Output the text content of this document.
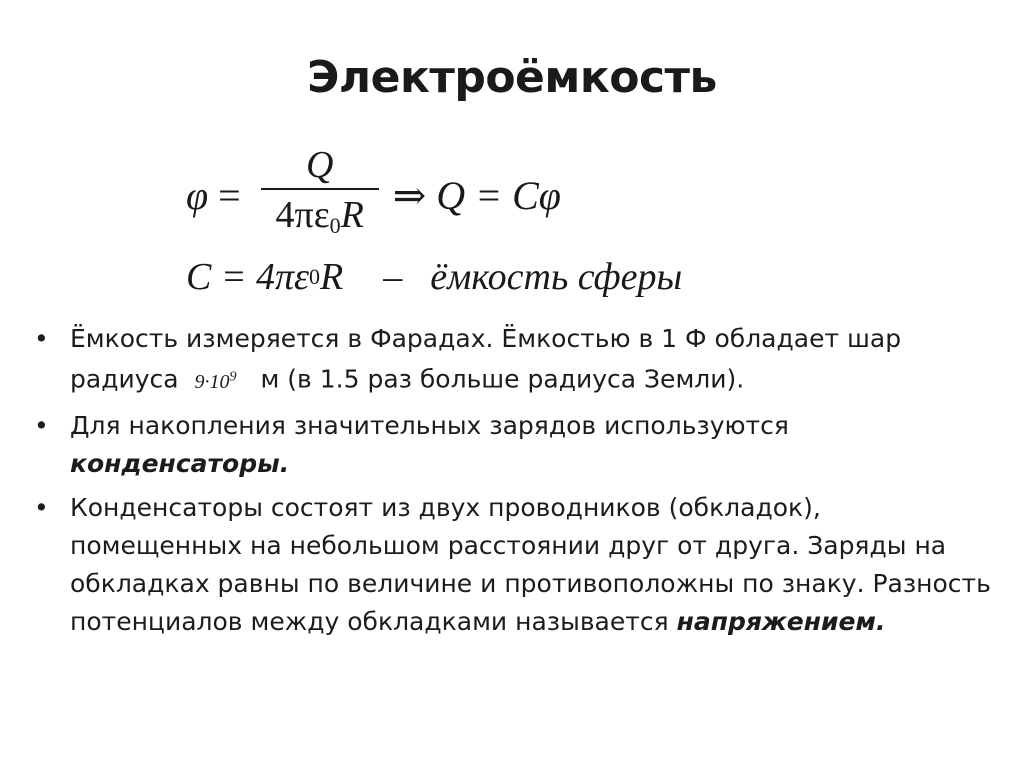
Электроёмкость
$\varphi = \frac{Q}{4\pi\varepsilon_0R}$ ⇒ Q = Cφ
C = 4πε 0 R – ёмкость сферы
• Ёмкость измеряется в Фарадах. Ёмкостью в 1 Ф обладает шар радиуса $9\cdot 10^9$ м (в 1.5 раз больше радиуса Земли).
• Для накопления значительных зарядов используются конденсаторы.
• Конденсаторы состоят из двух проводников (обкладок), помещенных на небольшом расстоянии друг от друга. Заряды на обкладках равны по величине и противоположны по знаку. Разность потенциалов между обкладками называется напряжением.
